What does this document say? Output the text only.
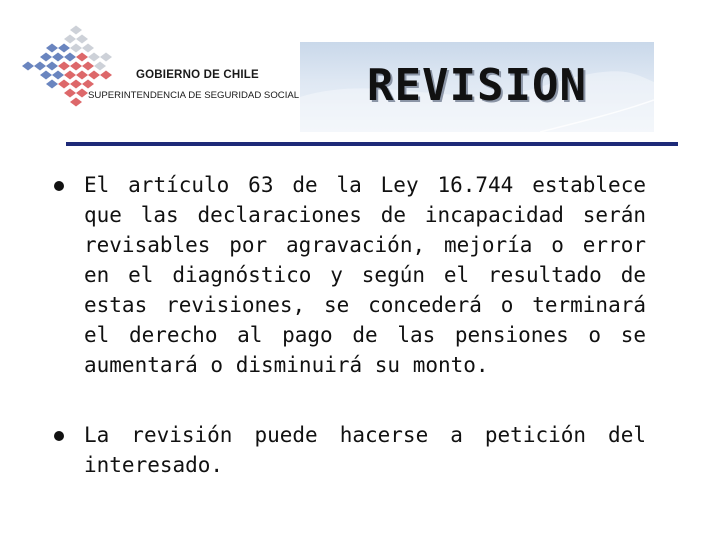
GOBIERNO DE CHILE
SUPERINTENDENCIA DE SEGURIDAD SOCIAL	REVISION
El artículo 63 de la Ley 16.744 establece que las declaraciones de incapacidad serán revisables por agravación, mejoría o error en el diagnóstico y según el resultado de estas revisiones, se concederá o terminará el derecho al pago de las pensiones o se aumentará o disminuirá su monto.
La revisión puede hacerse a petición del interesado.
